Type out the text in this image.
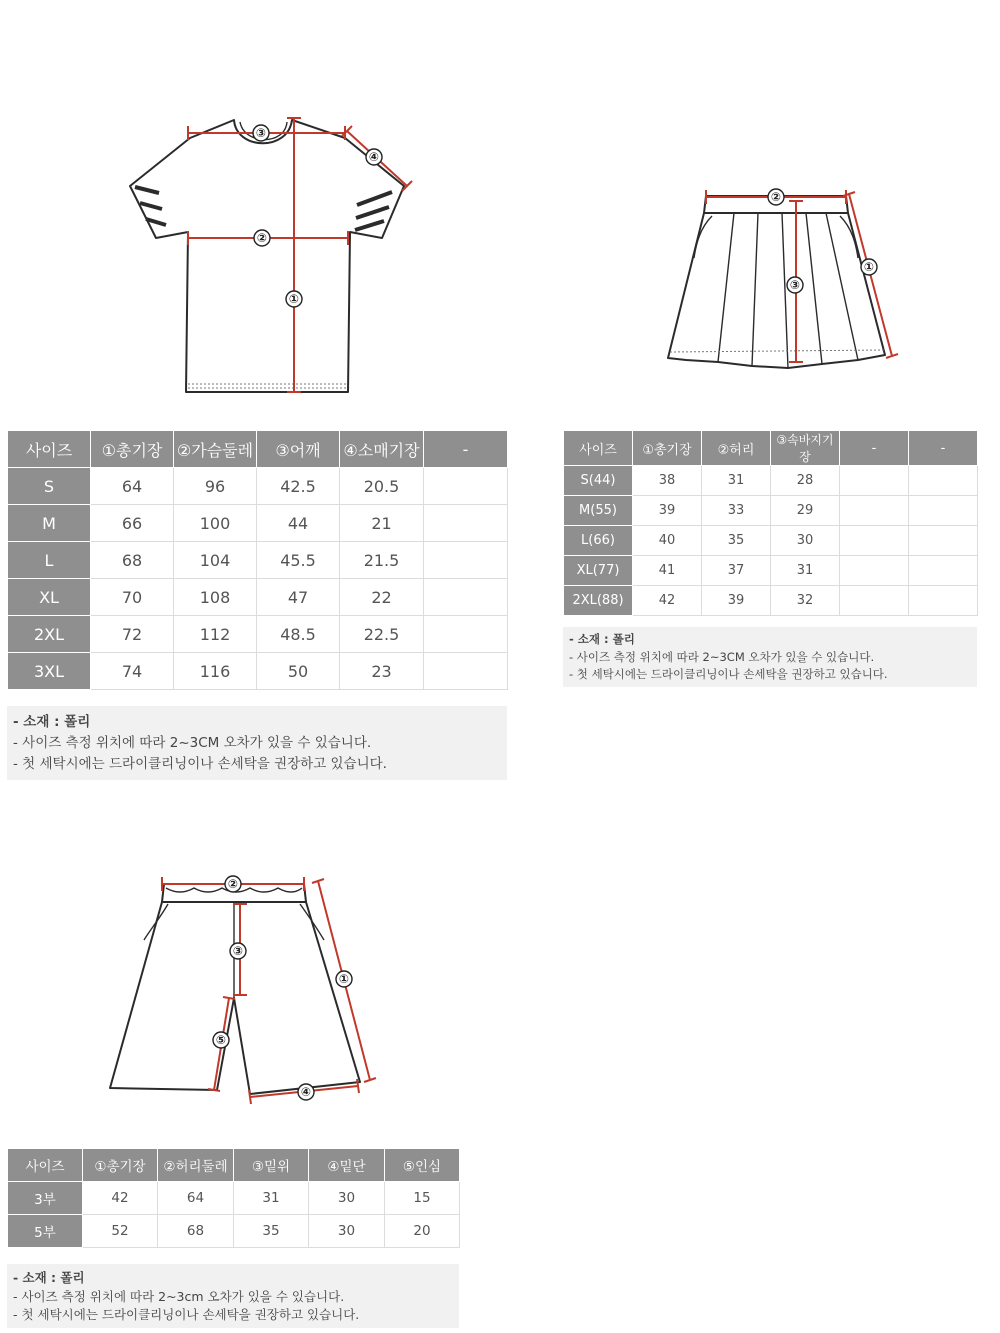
③
④
②
①
②
③
①
②
③
①
⑤
④
사이즈	①총기장	②가슴둘레	③어깨	④소매기장	-
S	64	96	42.5	20.5	
M	66	100	44	21	
L	68	104	45.5	21.5	
XL	70	108	47	22	
2XL	72	112	48.5	22.5	
3XL	74	116	50	23	
- 소재 : 폴리
- 사이즈 측정 위치에 따라 2~3CM 오차가 있을 수 있습니다.
- 첫 세탁시에는 드라이클리닝이나 손세탁을 권장하고 있습니다.
사이즈	①총기장	②허리	③속바지기장	-	-
S(44)	38	31	28		
M(55)	39	33	29		
L(66)	40	35	30		
XL(77)	41	37	31		
2XL(88)	42	39	32		
- 소재 : 폴리
- 사이즈 측정 위치에 따라 2~3CM 오차가 있을 수 있습니다.
- 첫 세탁시에는 드라이클리닝이나 손세탁을 권장하고 있습니다.
사이즈	①총기장	②허리둘레	③밑위	④밑단	⑤인심
3부	42	64	31	30	15
5부	52	68	35	30	20
- 소재 : 폴리
- 사이즈 측정 위치에 따라 2~3cm 오차가 있을 수 있습니다.
- 첫 세탁시에는 드라이클리닝이나 손세탁을 권장하고 있습니다.
